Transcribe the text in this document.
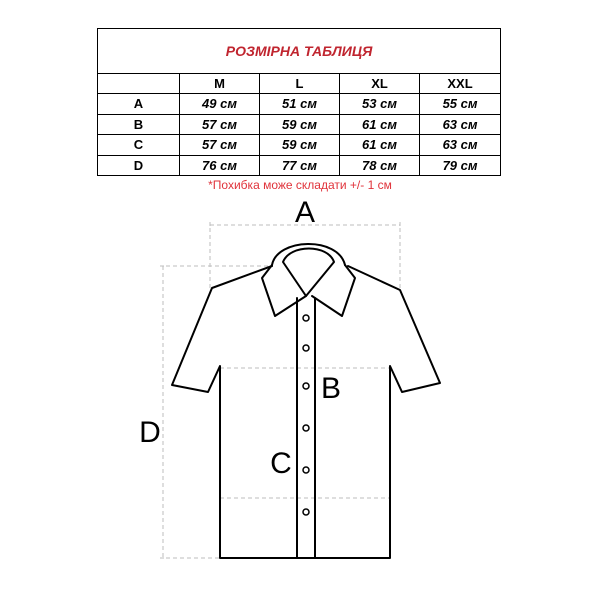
РОЗМІРНА ТАБЛИЦЯ				
	M	L	XL	XXL
A	49 см	51 см	53 см	55 см
B	57 см	59 см	61 см	63 см
C	57 см	59 см	61 см	63 см
D	76 см	77 см	78 см	79 см
*Похибка може складати +/- 1 см
A
B
C
D
